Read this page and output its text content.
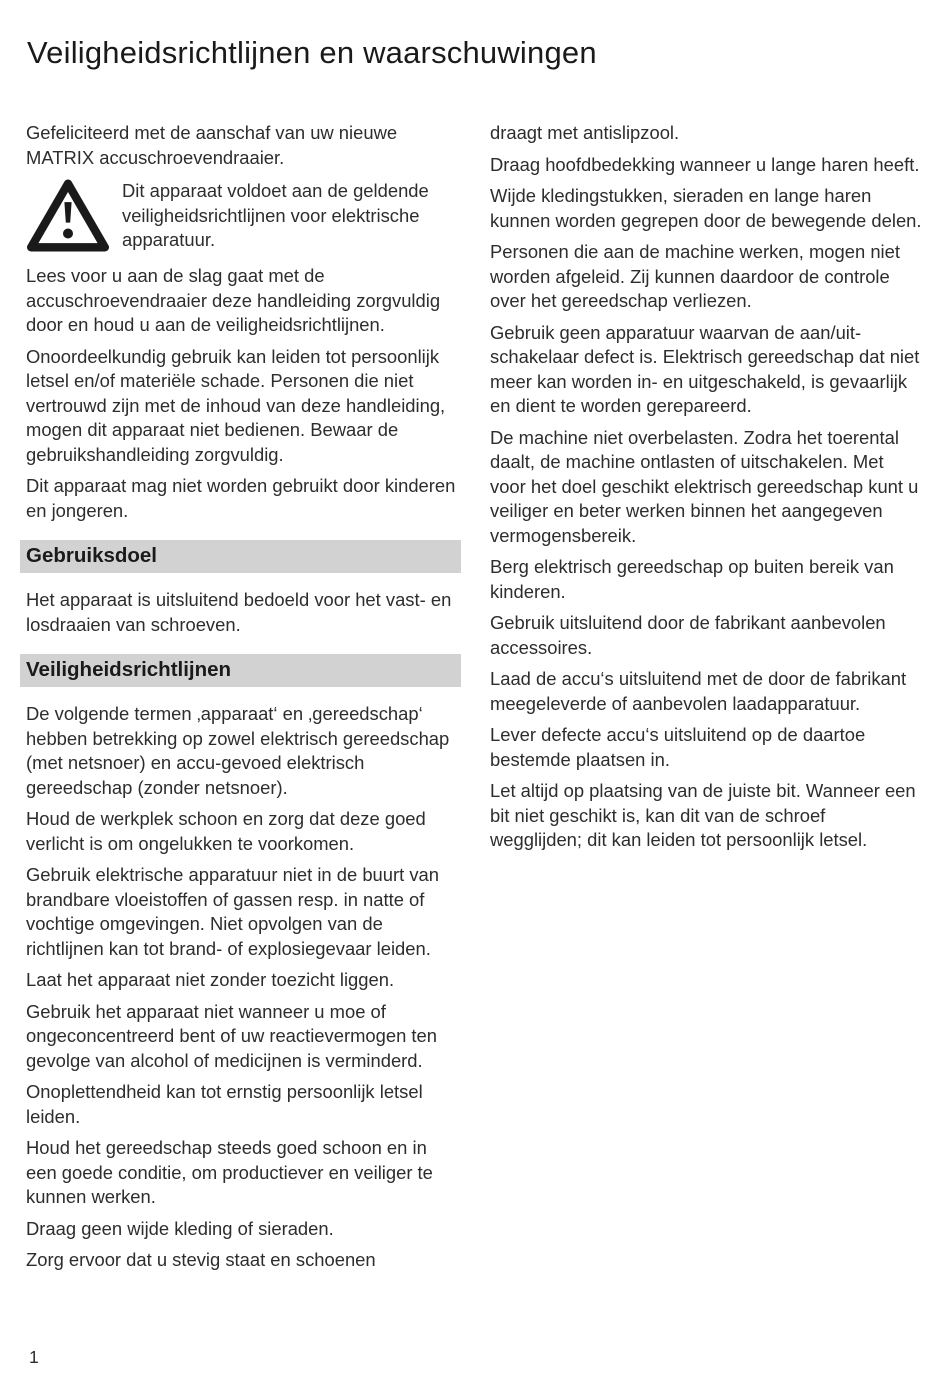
Veiligheidsrichtlijnen en waarschuwingen

Gefeliciteerd met de aanschaf van uw nieuwe MATRIX accuschroevendraaier.

Dit apparaat voldoet aan de geldende veiligheidsrichtlijnen voor elektrische apparatuur.

Lees voor u aan de slag gaat met de accuschroevendraaier deze handleiding zorgvuldig door en houd u aan de veiligheidsrichtlijnen.

Onoordeelkundig gebruik kan leiden tot persoonlijk letsel en/of materiële schade. Personen die niet vertrouwd zijn met de inhoud van deze handleiding, mogen dit apparaat niet bedienen. Bewaar de gebruikshandleiding zorgvuldig.

Dit apparaat mag niet worden gebruikt door kinderen en jongeren.

Gebruiksdoel

Het apparaat is uitsluitend bedoeld voor het vast- en losdraaien van schroeven.

Veiligheidsrichtlijnen

De volgende termen ‚apparaat‘ en ‚gereedschap‘ hebben betrekking op zowel elektrisch gereedschap (met netsnoer) en accu-gevoed elektrisch gereedschap (zonder netsnoer).

Houd de werkplek schoon en zorg dat deze goed verlicht is om ongelukken te voorkomen.

Gebruik elektrische apparatuur niet in de buurt van brandbare vloeistoffen of gassen resp. in natte of vochtige omgevingen. Niet opvolgen van de richtlijnen kan tot brand- of explosiegevaar leiden.

Laat het apparaat niet zonder toezicht liggen.

Gebruik het apparaat niet wanneer u moe of ongeconcentreerd bent of uw reactievermogen ten gevolge van alcohol of medicijnen is verminderd.

Onoplettendheid kan tot ernstig persoonlijk letsel leiden.

Houd het gereedschap steeds goed schoon en in een goede conditie, om productiever en veiliger te kunnen werken.

Draag geen wijde kleding of sieraden.

Zorg ervoor dat u stevig staat en schoenen

draagt met antislipzool.

Draag hoofdbedekking wanneer u lange haren heeft.

Wijde kledingstukken, sieraden en lange haren kunnen worden gegrepen door de bewegende delen.

Personen die aan de machine werken, mogen niet worden afgeleid. Zij kunnen daardoor de controle over het gereedschap verliezen.

Gebruik geen apparatuur waarvan de aan/uit-schakelaar defect is. Elektrisch gereedschap dat niet meer kan worden in- en uitgeschakeld, is gevaarlijk en dient te worden gerepareerd.

De machine niet overbelasten. Zodra het toerental daalt, de machine ontlasten of uitschakelen. Met voor het doel geschikt elektrisch gereedschap kunt u veiliger en beter werken binnen het aangegeven vermogensbereik.

Berg elektrisch gereedschap op buiten bereik van kinderen.

Gebruik uitsluitend door de fabrikant aanbevolen accessoires.

Laad de accu‘s uitsluitend met de door de fabrikant meegeleverde of aanbevolen laadapparatuur.

Lever defecte accu‘s uitsluitend op de daartoe bestemde plaatsen in.

Let altijd op plaatsing van de juiste bit. Wanneer een bit niet geschikt is, kan dit van de schroef wegglijden; dit kan leiden tot persoonlijk letsel.

1
